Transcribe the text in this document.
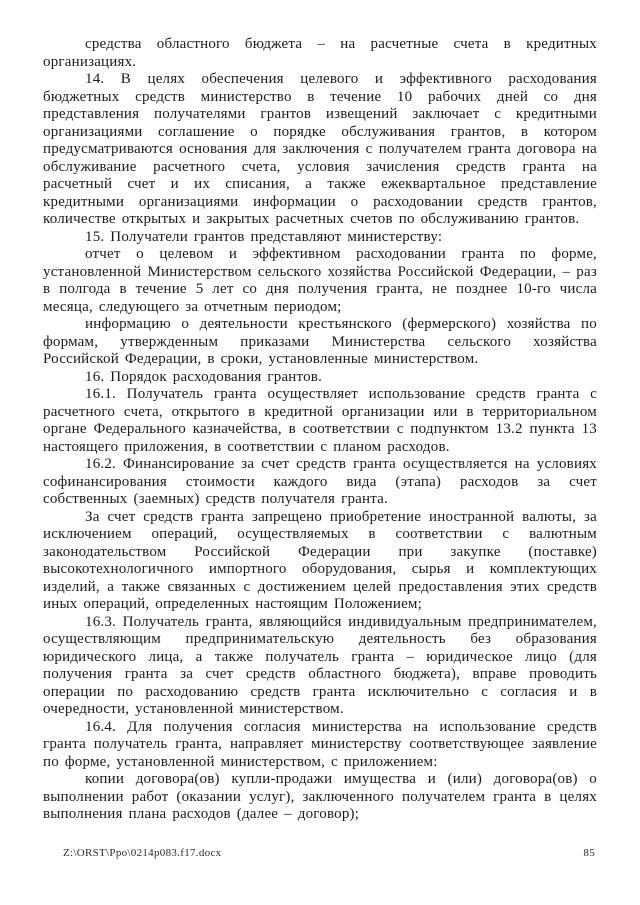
средства областного бюджета – на расчетные счета в кредитных организациях.

14. В целях обеспечения целевого и эффективного расходования бюджетных средств министерство в течение 10 рабочих дней со дня представления получателями грантов извещений заключает с кредитными организациями соглашение о порядке обслуживания грантов, в котором предусматриваются основания для заключения с получателем гранта договора на обслуживание расчетного счета, условия зачисления средств гранта на расчетный счет и их списания, а также ежеквартальное представление кредитными организациями информации о расходовании средств грантов, количестве открытых и закрытых расчетных счетов по обслуживанию грантов.

15. Получатели грантов представляют министерству:

отчет о целевом и эффективном расходовании гранта по форме, установленной Министерством сельского хозяйства Российской Федерации, – раз в полгода в течение 5 лет со дня получения гранта, не позднее 10-го числа месяца, следующего за отчетным периодом;

информацию о деятельности крестьянского (фермерского) хозяйства по формам, утвержденным приказами Министерства сельского хозяйства Российской Федерации, в сроки, установленные министерством.

16. Порядок расходования грантов.

16.1. Получатель гранта осуществляет использование средств гранта с расчетного счета, открытого в кредитной организации или в территориальном органе Федерального казначейства, в соответствии с подпунктом 13.2 пункта 13 настоящего приложения, в соответствии с планом расходов.

16.2. Финансирование за счет средств гранта осуществляется на условиях софинансирования стоимости каждого вида (этапа) расходов за счет собственных (заемных) средств получателя гранта.

За счет средств гранта запрещено приобретение иностранной валюты, за исключением операций, осуществляемых в соответствии с валютным законодательством Российской Федерации при закупке (поставке) высокотехнологичного импортного оборудования, сырья и комплектующих изделий, а также связанных с достижением целей предоставления этих средств иных операций, определенных настоящим Положением;

16.3. Получатель гранта, являющийся индивидуальным предпринимателем, осуществляющим предпринимательскую деятельность без образования юридического лица, а также получатель гранта – юридическое лицо (для получения гранта за счет средств областного бюджета), вправе проводить операции по расходованию средств гранта исключительно с согласия и в очередности, установленной министерством.

16.4. Для получения согласия министерства на использование средств гранта получатель гранта, направляет министерству соответствующее заявление по форме, установленной министерством, с приложением:

копии договора(ов) купли-продажи имущества и (или) договора(ов) о выполнении работ (оказании услуг), заключенного получателем гранта в целях выполнения плана расходов (далее – договор);

Z:\ORST\Ppo\0214p083.f17.docx	85
